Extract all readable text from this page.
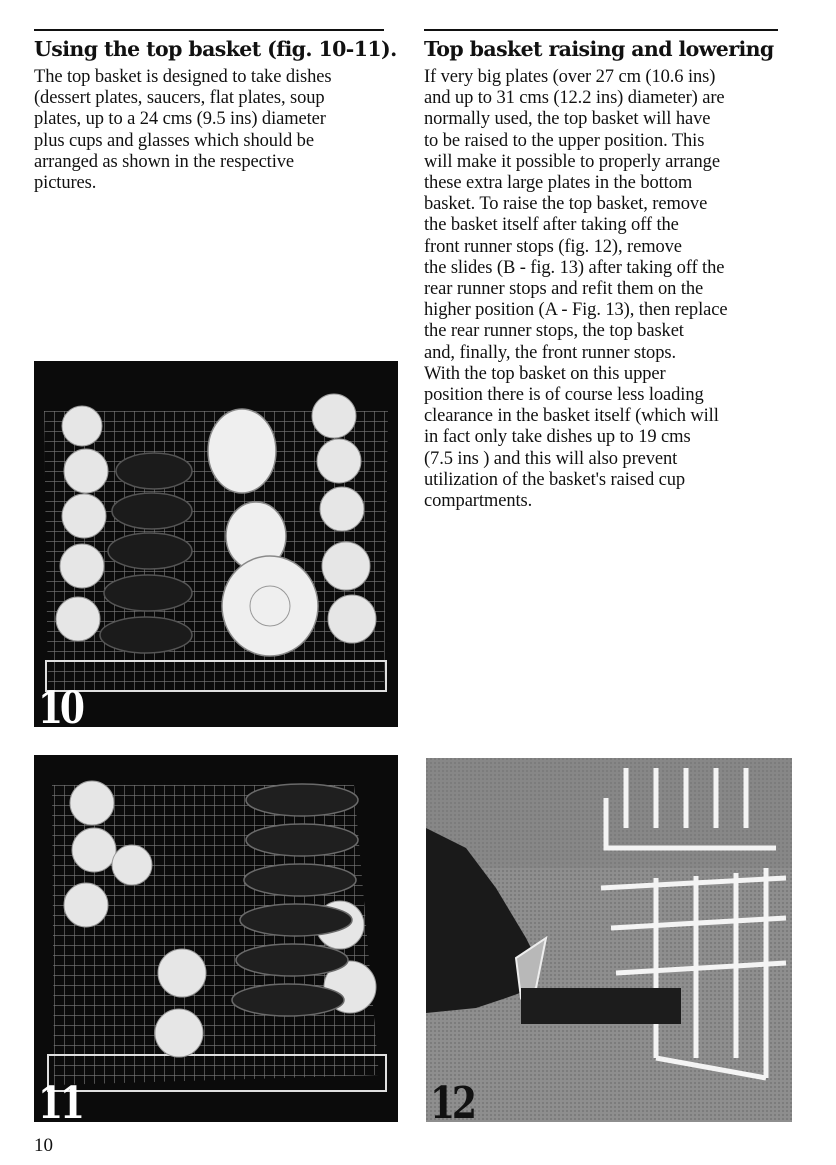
Using the top basket (fig. 10-11).
The top basket is designed to take dishes
(dessert plates, saucers, flat plates, soup
plates, up to a 24 cms (9.5 ins) diameter
plus cups and glasses which should be
arranged as shown in the respective
pictures.
Top basket raising and lowering
If very big plates (over 27 cm (10.6 ins)
and up to 31 cms (12.2 ins) diameter) are
normally used, the top basket will have
to be raised to the upper position. This
will make it possible to properly arrange
these extra large plates in the bottom
basket. To raise the top basket, remove
the basket itself after taking off the
front runner stops (fig. 12), remove
the slides (B - fig. 13) after taking off the
rear runner stops and refit them on the
higher position (A - Fig. 13), then replace
the rear runner stops, the top basket
and, finally, the front runner stops.
With the top basket on this upper
position there is of course less loading
clearance in the basket itself (which will
in fact only take dishes up to 19 cms
(7.5 ins ) and this will also prevent
utilization of the basket's raised cup
compartments.
10
11	12
10
